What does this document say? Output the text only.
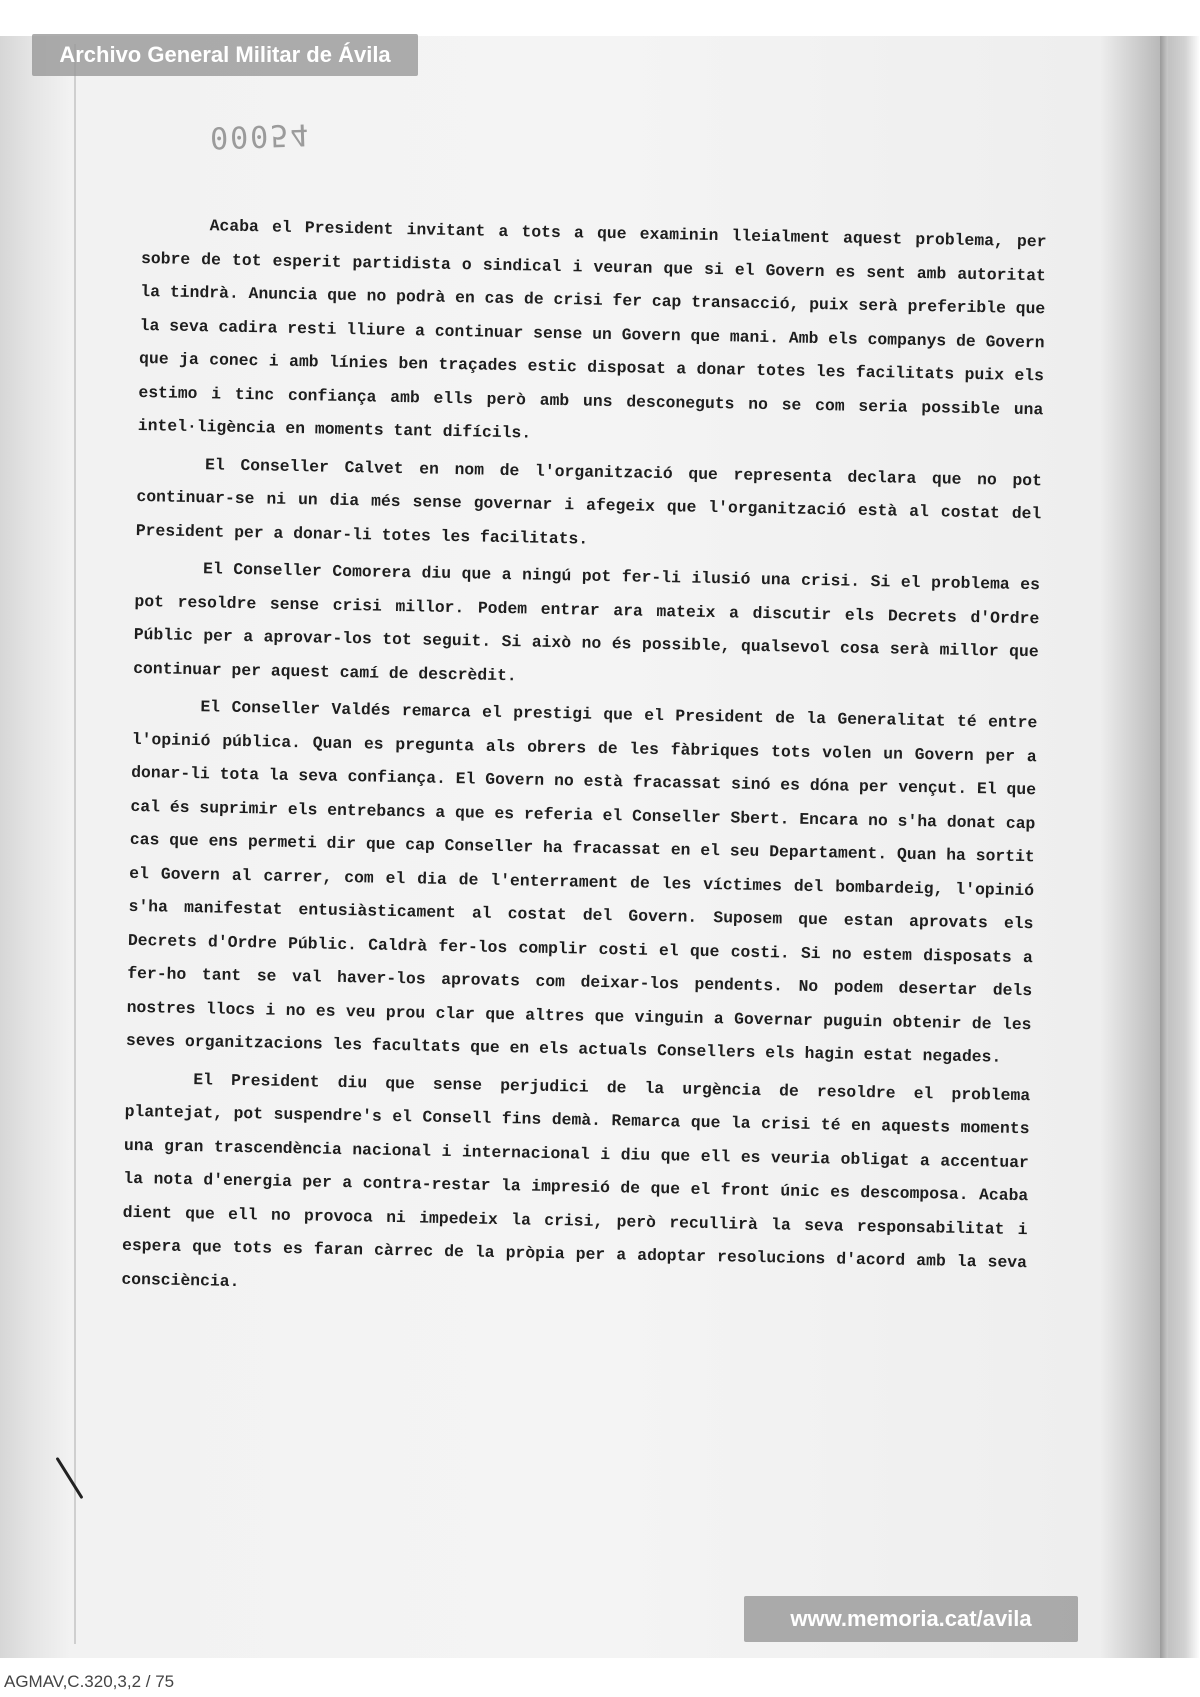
Archivo General Militar de Ávila
00054

Acaba el President invitant a tots a que examinin lleialment aquest problema, per sobre de tot esperit partidista o sindical i veuran que si el Govern es sent amb autoritat la tindrà. Anuncia que no podrà en cas de crisi fer cap transacció, puix serà preferible que la seva cadira resti lliure a continuar sense un Govern que mani. Amb els companys de Govern que ja conec i amb línies ben traçades estic disposat a donar totes les facilitats puix els estimo i tinc confiança amb ells però amb uns desconeguts no se com seria possible una intel·ligència en moments tant difícils.

El Conseller Calvet en nom de l'organització que representa declara que no pot continuar-se ni un dia més sense governar i afegeix que l'organització està al costat del President per a donar-li totes les facilitats.

El Conseller Comorera diu que a ningú pot fer-li ilusió una crisi. Si el problema es pot resoldre sense crisi millor. Podem entrar ara mateix a discutir els Decrets d'Ordre Públic per a aprovar-los tot seguit. Si això no és possible, qualsevol cosa serà millor que continuar per aquest camí de descrèdit.

El Conseller Valdés remarca el prestigi que el President de la Generalitat té entre l'opinió pública. Quan es pregunta als obrers de les fàbriques tots volen un Govern per a donar-li tota la seva confiança. El Govern no està fracassat sinó es dóna per vençut. El que cal és suprimir els entrebancs a que es referia el Conseller Sbert. Encara no s'ha donat cap cas que ens permeti dir que cap Conseller ha fracassat en el seu Departament. Quan ha sortit el Govern al carrer, com el dia de l'enterrament de les víctimes del bombardeig, l'opinió s'ha manifestat entusiàsticament al costat del Govern. Suposem que estan aprovats els Decrets d'Ordre Públic. Caldrà fer-los complir costi el que costi. Si no estem disposats a fer-ho tant se val haver-los aprovats com deixar-los pendents. No podem desertar dels nostres llocs i no es veu prou clar que altres que vinguin a Governar puguin obtenir de les seves organitzacions les facultats que en els actuals Consellers els hagin estat negades.

El President diu que sense perjudici de la urgència de resoldre el problema plantejat, pot suspendre's el Consell fins demà. Remarca que la crisi té en aquests moments una gran trascendència nacional i internacional i diu que ell es veuria obligat a accentuar la nota d'energia per a contra-restar la impresió de que el front únic es descomposa. Acaba dient que ell no provoca ni impedeix la crisi, però recullirà la seva responsabilitat i espera que tots es faran càrrec de la pròpia per a adoptar resolucions d'acord amb la seva consciència.

www.memoria.cat/avila
AGMAV,C.320,3,2 / 75
